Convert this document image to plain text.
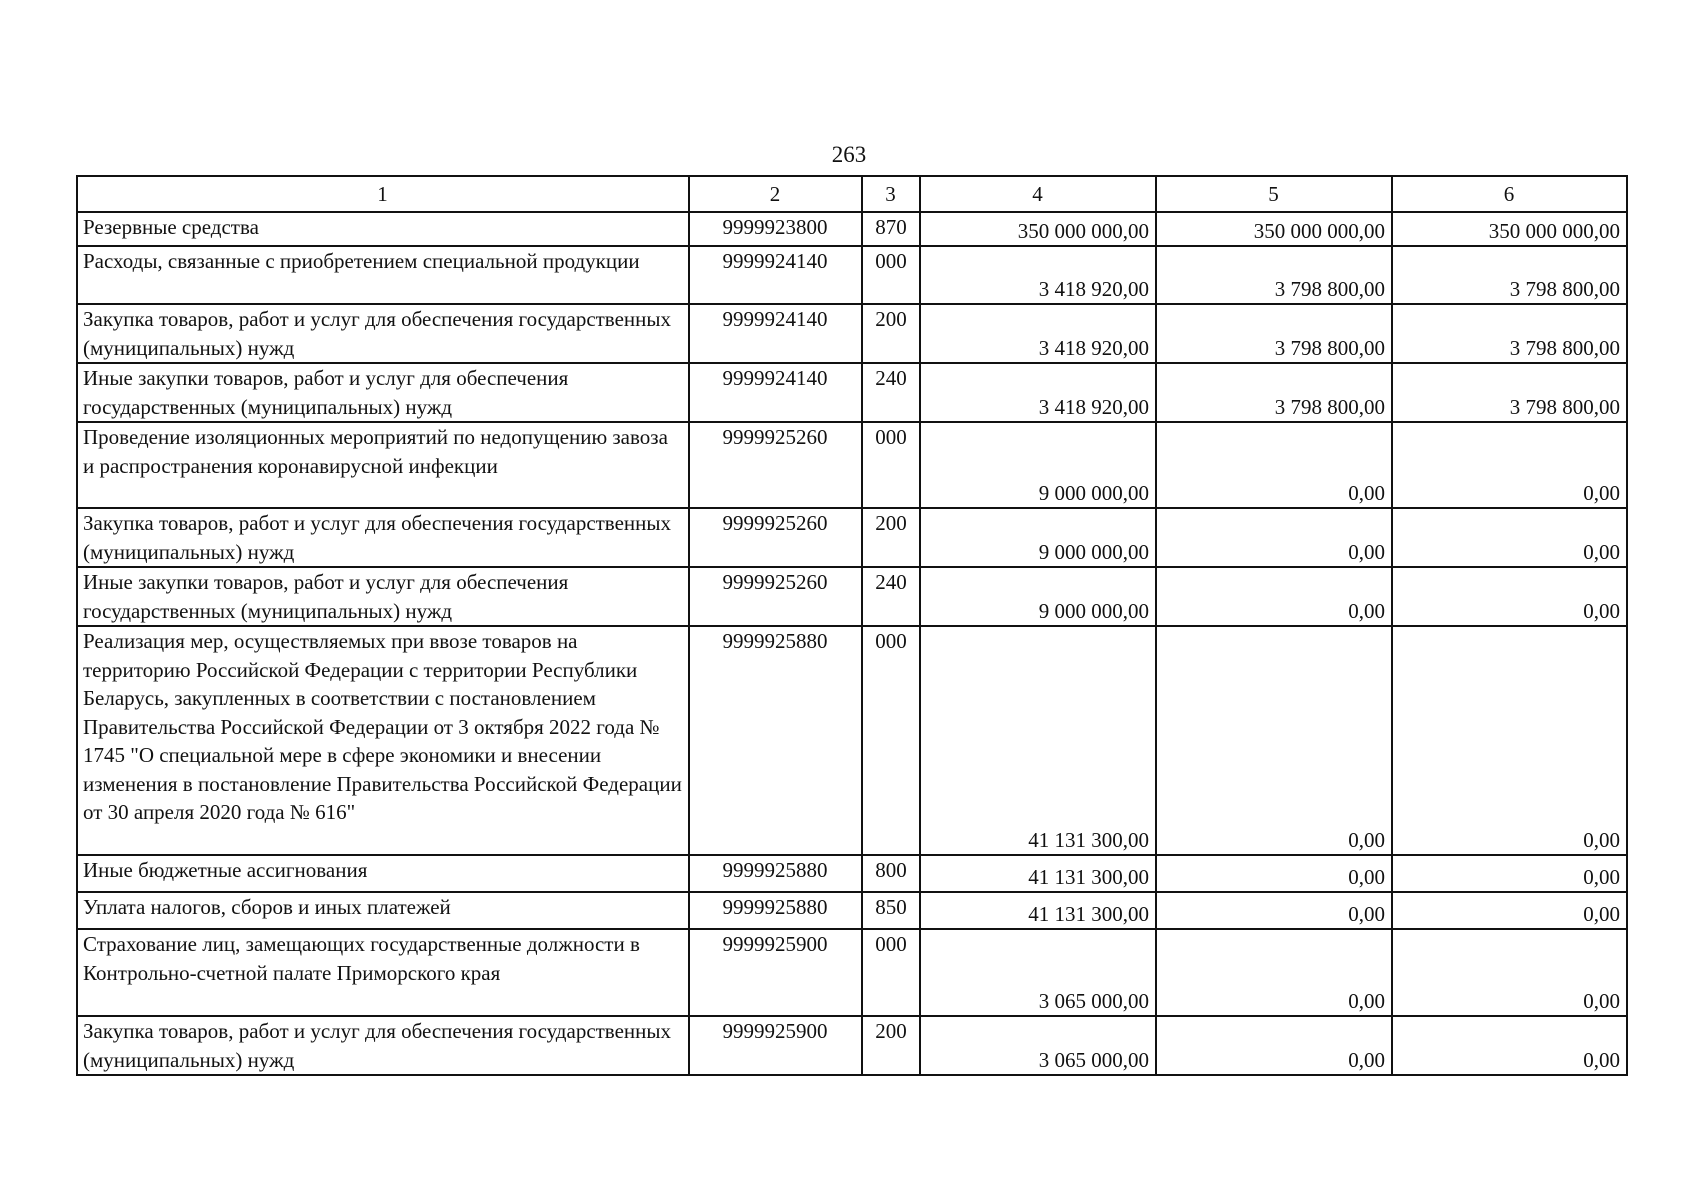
263
1	2	3	4	5	6
Резервные средства	9999923800	870	350 000 000,00	350 000 000,00	350 000 000,00
Расходы, связанные с приобретением специальной продукции	9999924140	000	3 418 920,00	3 798 800,00	3 798 800,00
Закупка товаров, работ и услуг для обеспечения государственных (муниципальных) нужд	9999924140	200	3 418 920,00	3 798 800,00	3 798 800,00
Иные закупки товаров, работ и услуг для обеспечения государственных (муниципальных) нужд	9999924140	240	3 418 920,00	3 798 800,00	3 798 800,00
Проведение изоляционных мероприятий по недопущению завоза и распространения коронавирусной инфекции	9999925260	000	9 000 000,00	0,00	0,00
Закупка товаров, работ и услуг для обеспечения государственных (муниципальных) нужд	9999925260	200	9 000 000,00	0,00	0,00
Иные закупки товаров, работ и услуг для обеспечения государственных (муниципальных) нужд	9999925260	240	9 000 000,00	0,00	0,00
Реализация мер, осуществляемых при ввозе товаров на территорию Российской Федерации с территории Республики Беларусь, закупленных в соответствии с постановлением Правительства Российской Федерации от 3 октября 2022 года № 1745 "О специальной мере в сфере экономики и внесении изменения в постановление Правительства Российской Федерации от 30 апреля 2020 года № 616"	9999925880	000	41 131 300,00	0,00	0,00
Иные бюджетные ассигнования	9999925880	800	41 131 300,00	0,00	0,00
Уплата налогов, сборов и иных платежей	9999925880	850	41 131 300,00	0,00	0,00
Страхование лиц, замещающих государственные должности в Контрольно-счетной палате Приморского края	9999925900	000	3 065 000,00	0,00	0,00
Закупка товаров, работ и услуг для обеспечения государственных (муниципальных) нужд	9999925900	200	3 065 000,00	0,00	0,00
